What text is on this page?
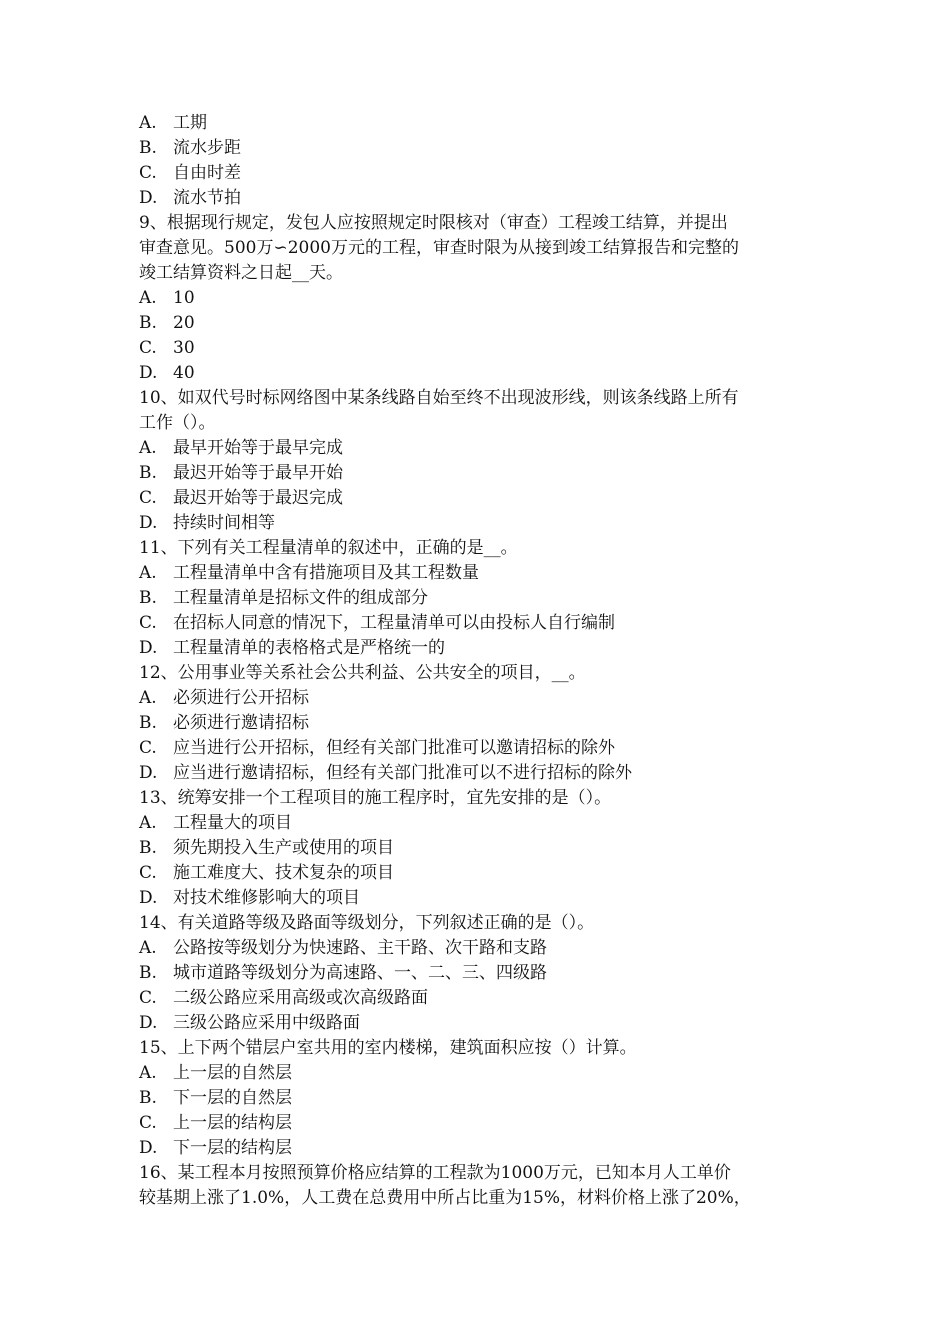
A. 工期
B. 流水步距
C. 自由时差
D. 流水节拍
9、根据现行规定，发包人应按照规定时限核对（审查）工程竣工结算，并提出
审查意见。500万∽2000万元的工程，审查时限为从接到竣工结算报告和完整的
竣工结算资料之日起__天。
A. 10
B. 20
C. 30
D. 40
10、如双代号时标网络图中某条线路自始至终不出现波形线，则该条线路上所有
工作（）。
A. 最早开始等于最早完成
B. 最迟开始等于最早开始
C. 最迟开始等于最迟完成
D. 持续时间相等
11、下列有关工程量清单的叙述中，正确的是__。
A. 工程量清单中含有措施项目及其工程数量
B. 工程量清单是招标文件的组成部分
C. 在招标人同意的情况下，工程量清单可以由投标人自行编制
D. 工程量清单的表格格式是严格统一的
12、公用事业等关系社会公共利益、公共安全的项目，__。
A. 必须进行公开招标
B. 必须进行邀请招标
C. 应当进行公开招标，但经有关部门批准可以邀请招标的除外
D. 应当进行邀请招标，但经有关部门批准可以不进行招标的除外
13、统筹安排一个工程项目的施工程序时，宜先安排的是（）。
A. 工程量大的项目
B. 须先期投入生产或使用的项目
C. 施工难度大、技术复杂的项目
D. 对技术维修影响大的项目
14、有关道路等级及路面等级划分，下列叙述正确的是（）。
A. 公路按等级划分为快速路、主干路、次干路和支路
B. 城市道路等级划分为高速路、一、二、三、四级路
C. 二级公路应采用高级或次高级路面
D. 三级公路应采用中级路面
15、上下两个错层户室共用的室内楼梯，建筑面积应按（）计算。
A. 上一层的自然层
B. 下一层的自然层
C. 上一层的结构层
D. 下一层的结构层
16、某工程本月按照预算价格应结算的工程款为1000万元，已知本月人工单价
较基期上涨了1.0%，人工费在总费用中所占比重为15%，材料价格上涨了20%，
